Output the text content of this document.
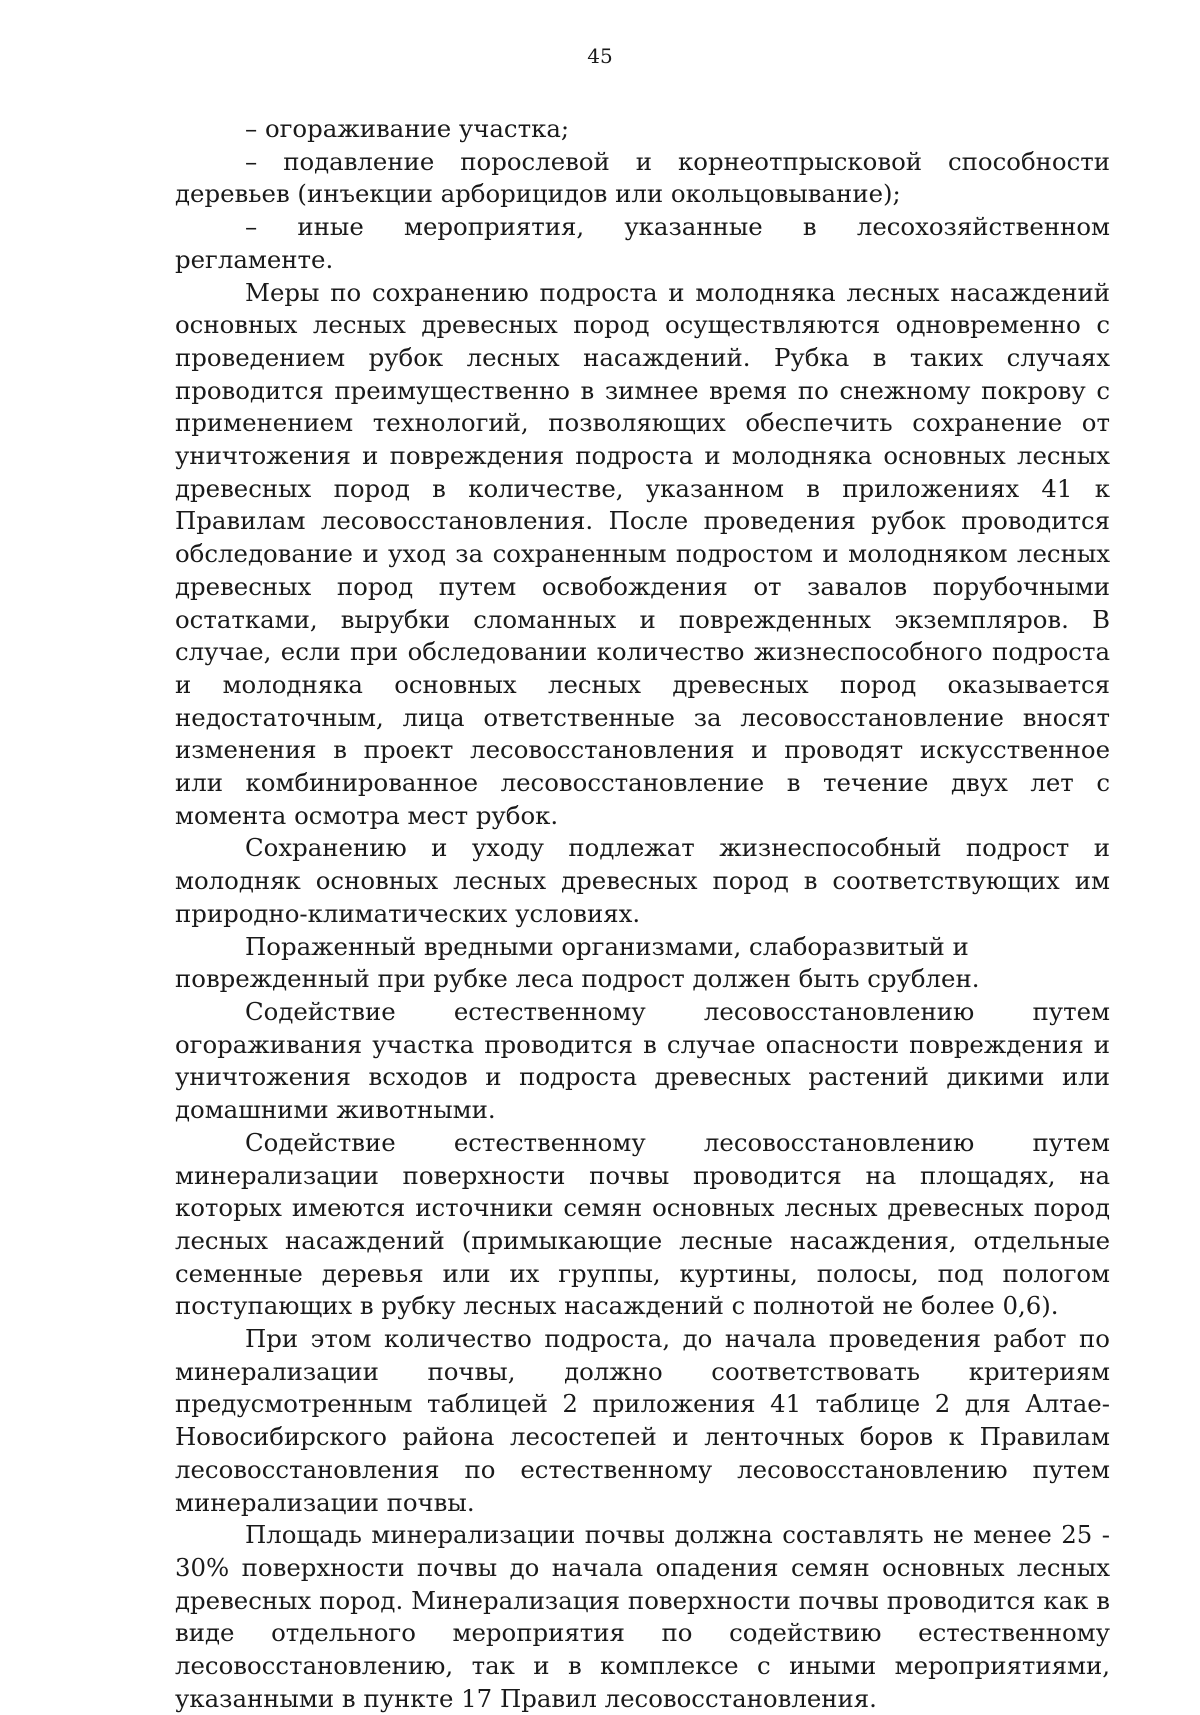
45

– огораживание участка;

– подавление порослевой и корнеотпрысковой способности деревьев (инъекции арборицидов или окольцовывание);

– иные мероприятия, указанные в лесохозяйственном регламенте.

Меры по сохранению подроста и молодняка лесных насаждений основных лесных древесных пород осуществляются одновременно с проведением рубок лесных насаждений. Рубка в таких случаях проводится преимущественно в зимнее время по снежному покрову с применением технологий, позволяющих обеспечить сохранение от уничтожения и повреждения подроста и молодняка основных лесных древесных пород в количестве, указанном в приложениях 41 к Правилам лесовосстановления. После проведения рубок проводится обследование и уход за сохраненным подростом и молодняком лесных древесных пород путем освобождения от завалов порубочными остатками, вырубки сломанных и поврежденных экземпляров. В случае, если при обследовании количество жизнеспособного подроста и молодняка основных лесных древесных пород оказывается недостаточным, лица ответственные за лесовосстановление вносят изменения в проект лесовосстановления и проводят искусственное или комбинированное лесовосстановление в течение двух лет с момента осмотра мест рубок.

Сохранению и уходу подлежат жизнеспособный подрост и молодняк основных лесных древесных пород в соответствующих им природно-климатических условиях.

Пораженный вредными организмами, слаборазвитый и поврежденный при рубке леса подрост должен быть срублен.

Содействие естественному лесовосстановлению путем огораживания участка проводится в случае опасности повреждения и уничтожения всходов и подроста древесных растений дикими или домашними животными.

Содействие естественному лесовосстановлению путем минерализации поверхности почвы проводится на площадях, на которых имеются источники семян основных лесных древесных пород лесных насаждений (примыкающие лесные насаждения, отдельные семенные деревья или их группы, куртины, полосы, под пологом поступающих в рубку лесных насаждений с полнотой не более 0,6).

При этом количество подроста, до начала проведения работ по минерализации почвы, должно соответствовать критериям предусмотренным таблицей 2 приложения 41 таблице 2 для Алтае-Новосибирского района лесостепей и ленточных боров к Правилам лесовосстановления по естественному лесовосстановлению путем минерализации почвы.

Площадь минерализации почвы должна составлять не менее 25 - 30% поверхности почвы до начала опадения семян основных лесных древесных пород. Минерализация поверхности почвы проводится как в виде отдельного мероприятия по содействию естественному лесовосстановлению, так и в комплексе с иными мероприятиями, указанными в пункте 17 Правил лесовосстановления.
